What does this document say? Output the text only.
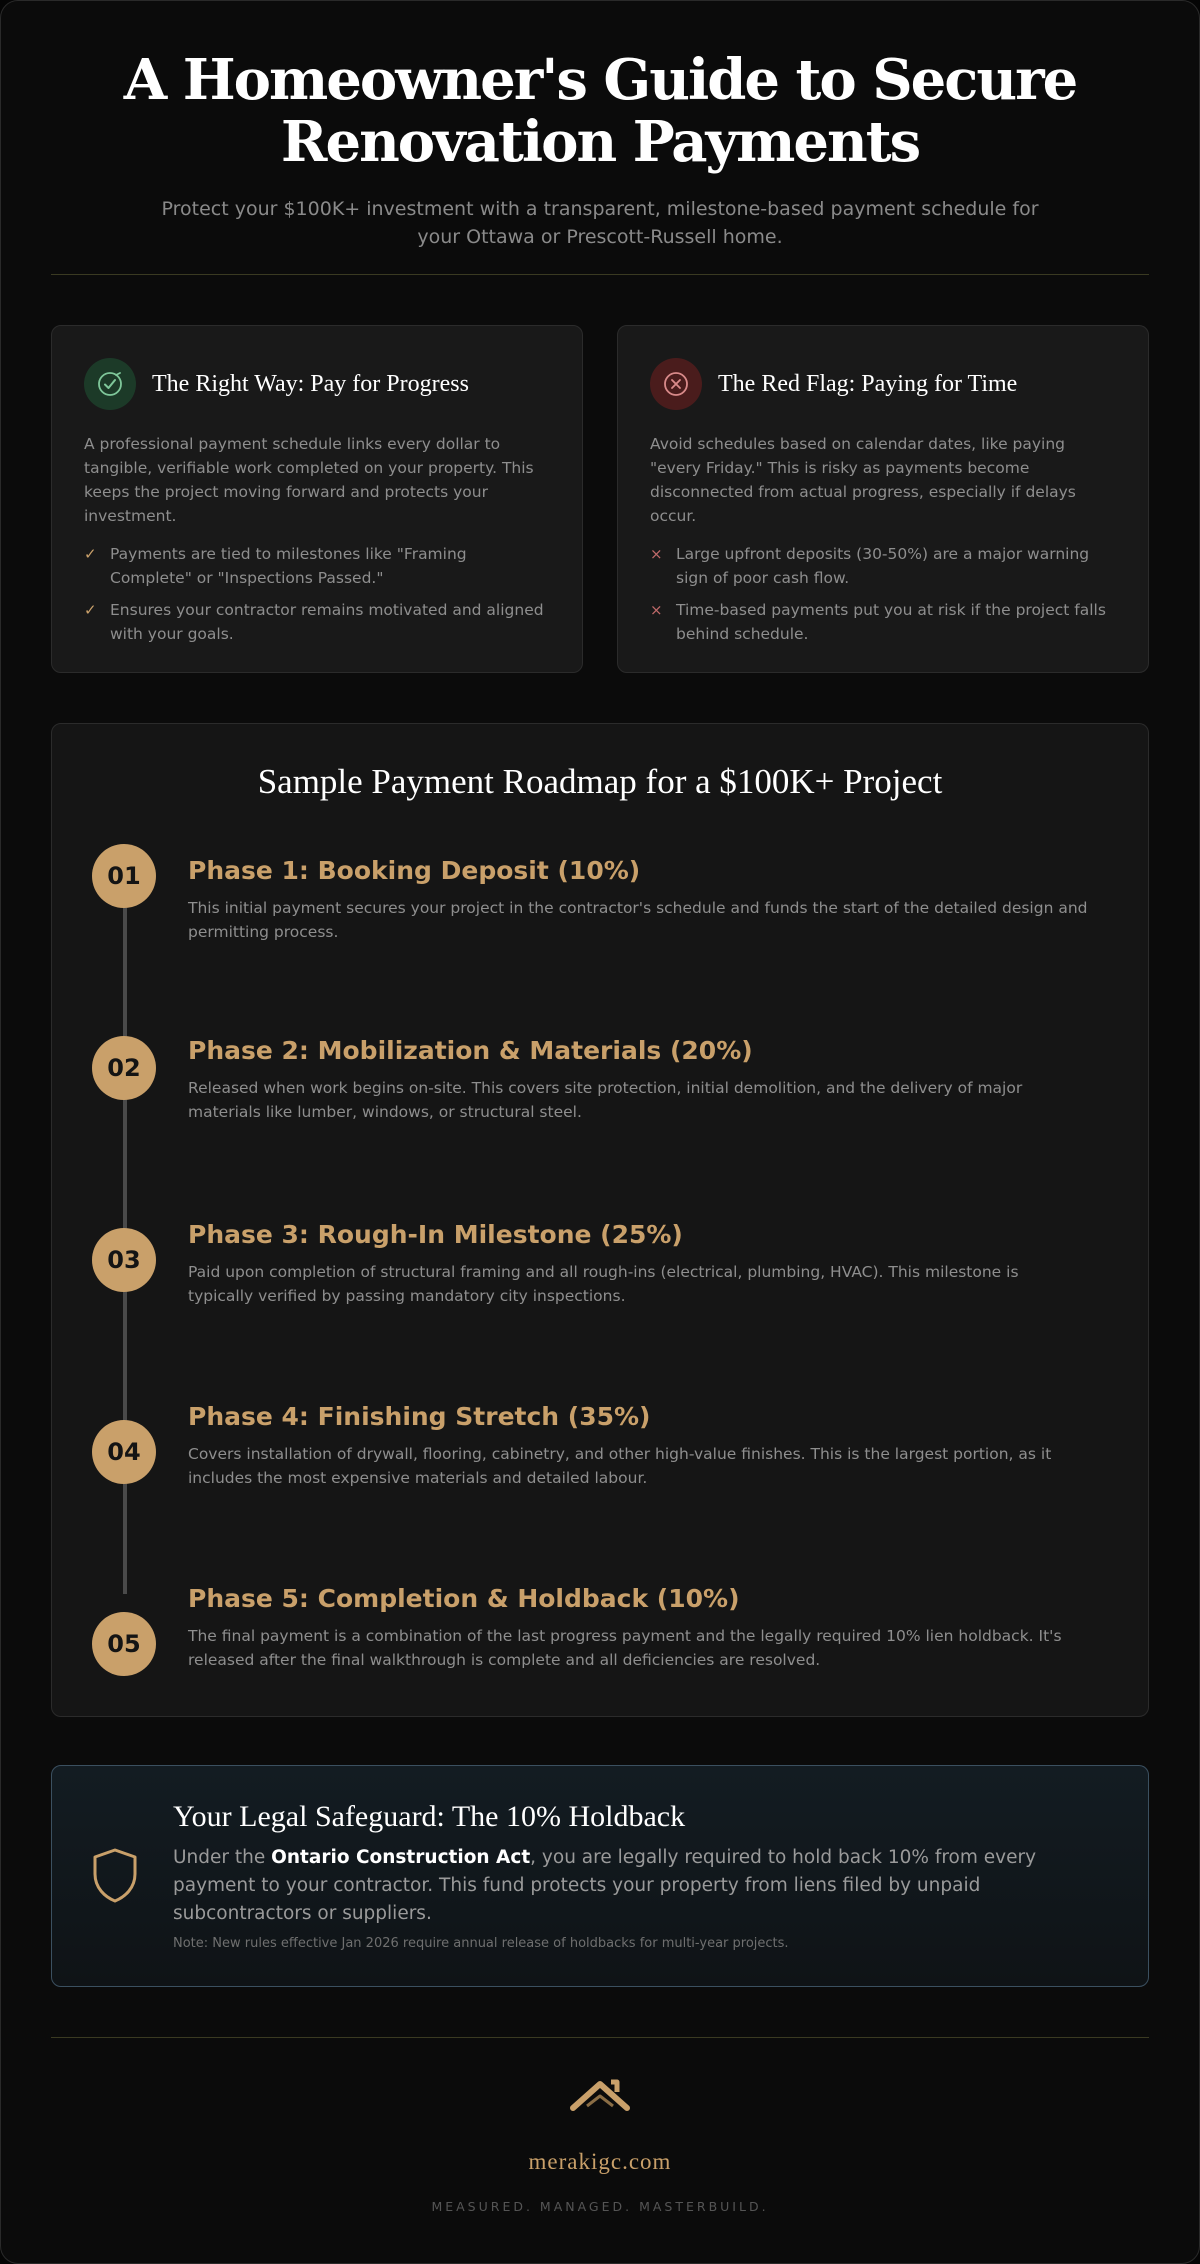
A Homeowner's Guide to Secure Renovation Payments

Protect your $100K+ investment with a transparent, milestone-based payment schedule for your Ottawa or Prescott-Russell home.

The Right Way: Pay for Progress

A professional payment schedule links every dollar to tangible, verifiable work completed on your property. This keeps the project moving forward and protects your investment.

✓ Payments are tied to milestones like "Framing Complete" or "Inspections Passed."
✓ Ensures your contractor remains motivated and aligned with your goals.
The Red Flag: Paying for Time

Avoid schedules based on calendar dates, like paying "every Friday." This is risky as payments become disconnected from actual progress, especially if delays occur.

× Large upfront deposits (30-50%) are a major warning sign of poor cash flow.
× Time-based payments put you at risk if the project falls behind schedule.
Sample Payment Roadmap for a $100K+ Project
01	Phase 1: Booking Deposit (10%)

This initial payment secures your project in the contractor's schedule and funds the start of the detailed design and permitting process.

02
Phase 2: Mobilization & Materials (20%)

Released when work begins on-site. This covers site protection, initial demolition, and the delivery of major materials like lumber, windows, or structural steel.

03
Phase 3: Rough-In Milestone (25%)

Paid upon completion of structural framing and all rough-ins (electrical, plumbing, HVAC). This milestone is typically verified by passing mandatory city inspections.

04
Phase 4: Finishing Stretch (35%)

Covers installation of drywall, flooring, cabinetry, and other high-value finishes. This is the largest portion, as it includes the most expensive materials and detailed labour.

05
Phase 5: Completion & Holdback (10%)

The final payment is a combination of the last progress payment and the legally required 10% lien holdback. It's released after the final walkthrough is complete and all deficiencies are resolved.

Your Legal Safeguard: The 10% Holdback

Under the Ontario Construction Act, you are legally required to hold back 10% from every payment to your contractor. This fund protects your property from liens filed by unpaid subcontractors or suppliers.

Note: New rules effective Jan 2026 require annual release of holdbacks for multi-year projects.

merakigc.com
MEASURED. MANAGED. MASTERBUILD.
